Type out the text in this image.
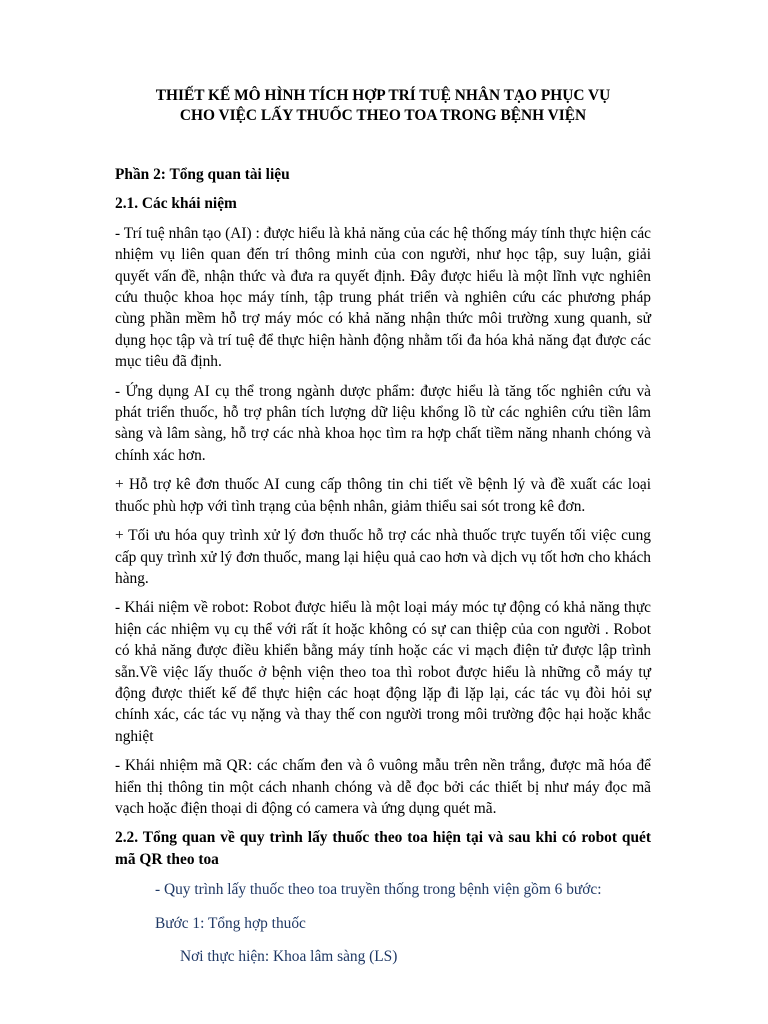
THIẾT KẾ MÔ HÌNH TÍCH HỢP TRÍ TUỆ NHÂN TẠO PHỤC VỤ
CHO VIỆC LẤY THUỐC THEO TOA TRONG BỆNH VIỆN

Phần 2: Tổng quan tài liệu

2.1. Các khái niệm

- Trí tuệ nhân tạo (AI) : được hiểu là khả năng của các hệ thống máy tính thực hiện các nhiệm vụ liên quan đến trí thông minh của con người, như học tập, suy luận, giải quyết vấn đề, nhận thức và đưa ra quyết định. Đây được hiểu là một lĩnh vực nghiên cứu thuộc khoa học máy tính, tập trung phát triển và nghiên cứu các phương pháp cùng phần mềm hỗ trợ máy móc có khả năng nhận thức môi trường xung quanh, sử dụng học tập và trí tuệ để thực hiện hành động nhằm tối đa hóa khả năng đạt được các mục tiêu đã định.

- Ứng dụng AI cụ thể trong ngành dược phẩm: được hiểu là tăng tốc nghiên cứu và phát triển thuốc, hỗ trợ phân tích lượng dữ liệu khổng lồ từ các nghiên cứu tiền lâm sàng và lâm sàng, hỗ trợ các nhà khoa học tìm ra hợp chất tiềm năng nhanh chóng và chính xác hơn.

+ Hỗ trợ kê đơn thuốc AI cung cấp thông tin chi tiết về bệnh lý và đề xuất các loại thuốc phù hợp với tình trạng của bệnh nhân, giảm thiểu sai sót trong kê đơn.

+ Tối ưu hóa quy trình xử lý đơn thuốc hỗ trợ các nhà thuốc trực tuyến tối việc cung cấp quy trình xử lý đơn thuốc, mang lại hiệu quả cao hơn và dịch vụ tốt hơn cho khách hàng.

- Khái niệm về robot: Robot được hiểu là một loại máy móc tự động có khả năng thực hiện các nhiệm vụ cụ thể với rất ít hoặc không có sự can thiệp của con người . Robot có khả năng được điều khiển bằng máy tính hoặc các vi mạch điện tử được lập trình sẵn.Về việc lấy thuốc ở bệnh viện theo toa thì robot được hiểu là những cỗ máy tự động được thiết kế để thực hiện các hoạt động lặp đi lặp lại, các tác vụ đòi hỏi sự chính xác, các tác vụ nặng và thay thế con người trong môi trường độc hại hoặc khắc nghiệt

- Khái nhiệm mã QR: các chấm đen và ô vuông mẫu trên nền trắng, được mã hóa để hiển thị thông tin một cách nhanh chóng và dễ đọc bởi các thiết bị như máy đọc mã vạch hoặc điện thoại di động có camera và ứng dụng quét mã.

2.2. Tổng quan về quy trình lấy thuốc theo toa hiện tại và sau khi có robot quét mã QR theo toa

- Quy trình lấy thuốc theo toa truyền thống trong bệnh viện gồm 6 bước:

Bước 1: Tổng hợp thuốc

Nơi thực hiện: Khoa lâm sàng (LS)
